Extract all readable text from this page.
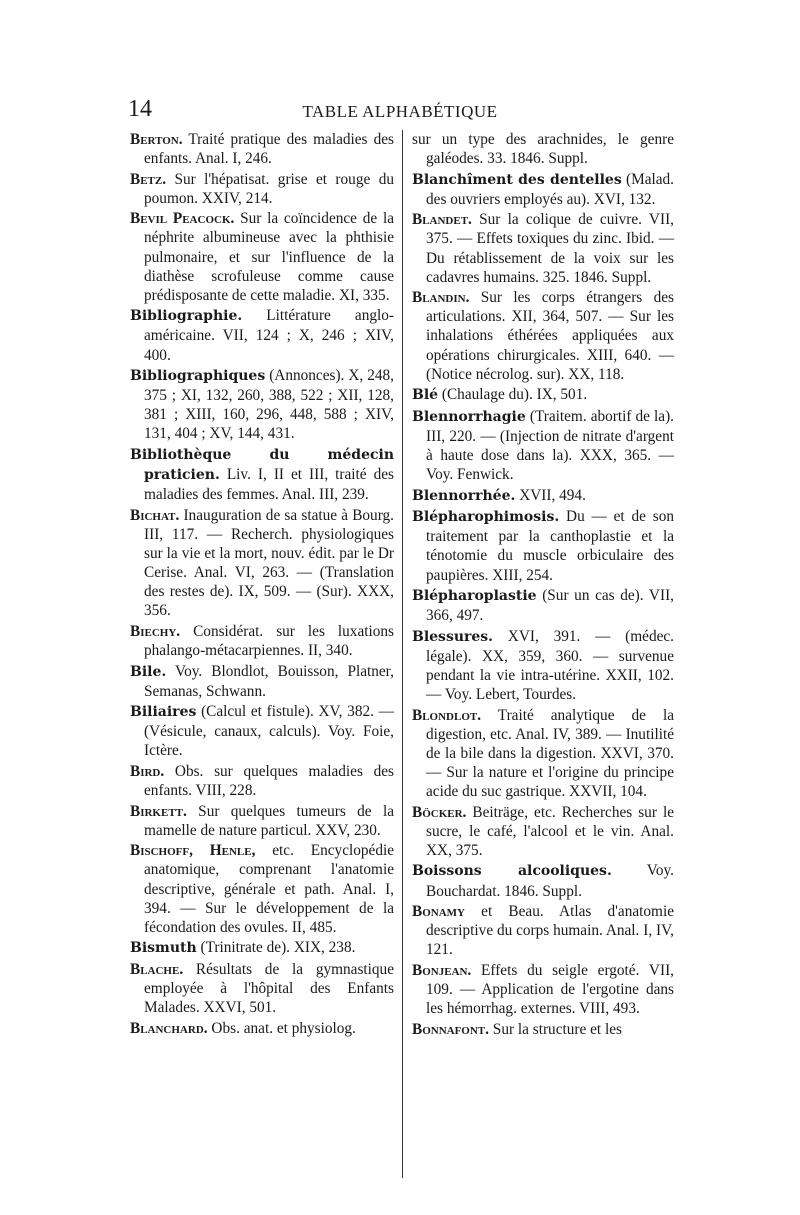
14	TABLE ALPHABÉTIQUE

Berton. Traité pratique des maladies des enfants. Anal. I, 246.

Betz. Sur l'hépatisat. grise et rouge du poumon. XXIV, 214.

Bevil Peacock. Sur la coïncidence de la néphrite albumineuse avec la phthisie pulmonaire, et sur l'influence de la diathèse scrofuleuse comme cause prédisposante de cette maladie. XI, 335.

Bibliographie. Littérature anglo-américaine. VII, 124 ; X, 246 ; XIV, 400.

Bibliographiques (Annonces). X, 248, 375 ; XI, 132, 260, 388, 522 ; XII, 128, 381 ; XIII, 160, 296, 448, 588 ; XIV, 131, 404 ; XV, 144, 431.

Bibliothèque du médecin praticien. Liv. I, II et III, traité des maladies des femmes. Anal. III, 239.

Bichat. Inauguration de sa statue à Bourg. III, 117. — Recherch. physiologiques sur la vie et la mort, nouv. édit. par le Dr Cerise. Anal. VI, 263. — (Translation des restes de). IX, 509. — (Sur). XXX, 356.

Biechy. Considérat. sur les luxations phalango-métacarpiennes. II, 340.

Bile. Voy. Blondlot, Bouisson, Platner, Semanas, Schwann.

Biliaires (Calcul et fistule). XV, 382. — (Vésicule, canaux, calculs). Voy. Foie, Ictère.

Bird. Obs. sur quelques maladies des enfants. VIII, 228.

Birkett. Sur quelques tumeurs de la mamelle de nature particul. XXV, 230.

Bischoff, Henle, etc. Encyclopédie anatomique, comprenant l'anatomie descriptive, générale et path. Anal. I, 394. — Sur le développement de la fécondation des ovules. II, 485.

Bismuth (Trinitrate de). XIX, 238.

Blache. Résultats de la gymnastique employée à l'hôpital des Enfants Malades. XXVI, 501.

Blanchard. Obs. anat. et physiolog.

sur un type des arachnides, le genre galéodes. 33. 1846. Suppl.

Blanchîment des dentelles (Malad. des ouvriers employés au). XVI, 132.

Blandet. Sur la colique de cuivre. VII, 375. — Effets toxiques du zinc. Ibid. — Du rétablissement de la voix sur les cadavres humains. 325. 1846. Suppl.

Blandin. Sur les corps étrangers des articulations. XII, 364, 507. — Sur les inhalations éthérées appliquées aux opérations chirurgicales. XIII, 640. — (Notice nécrolog. sur). XX, 118.

Blé (Chaulage du). IX, 501.

Blennorrhagie (Traitem. abortif de la). III, 220. — (Injection de nitrate d'argent à haute dose dans la). XXX, 365. — Voy. Fenwick.

Blennorrhée. XVII, 494.

Blépharophimosis. Du — et de son traitement par la canthoplastie et la ténotomie du muscle orbiculaire des paupières. XIII, 254.

Blépharoplastie (Sur un cas de). VII, 366, 497.

Blessures. XVI, 391. — (médec. légale). XX, 359, 360. — survenue pendant la vie intra-utérine. XXII, 102. — Voy. Lebert, Tourdes.

Blondlot. Traité analytique de la digestion, etc. Anal. IV, 389. — Inutilité de la bile dans la digestion. XXVI, 370. — Sur la nature et l'origine du principe acide du suc gastrique. XXVII, 104.

Böcker. Beiträge, etc. Recherches sur le sucre, le café, l'alcool et le vin. Anal. XX, 375.

Boissons alcooliques. Voy. Bouchardat. 1846. Suppl.

Bonamy et Beau. Atlas d'anatomie descriptive du corps humain. Anal. I, IV, 121.

Bonjean. Effets du seigle ergoté. VII, 109. — Application de l'ergotine dans les hémorrhag. externes. VIII, 493.

Bonnafont. Sur la structure et les
